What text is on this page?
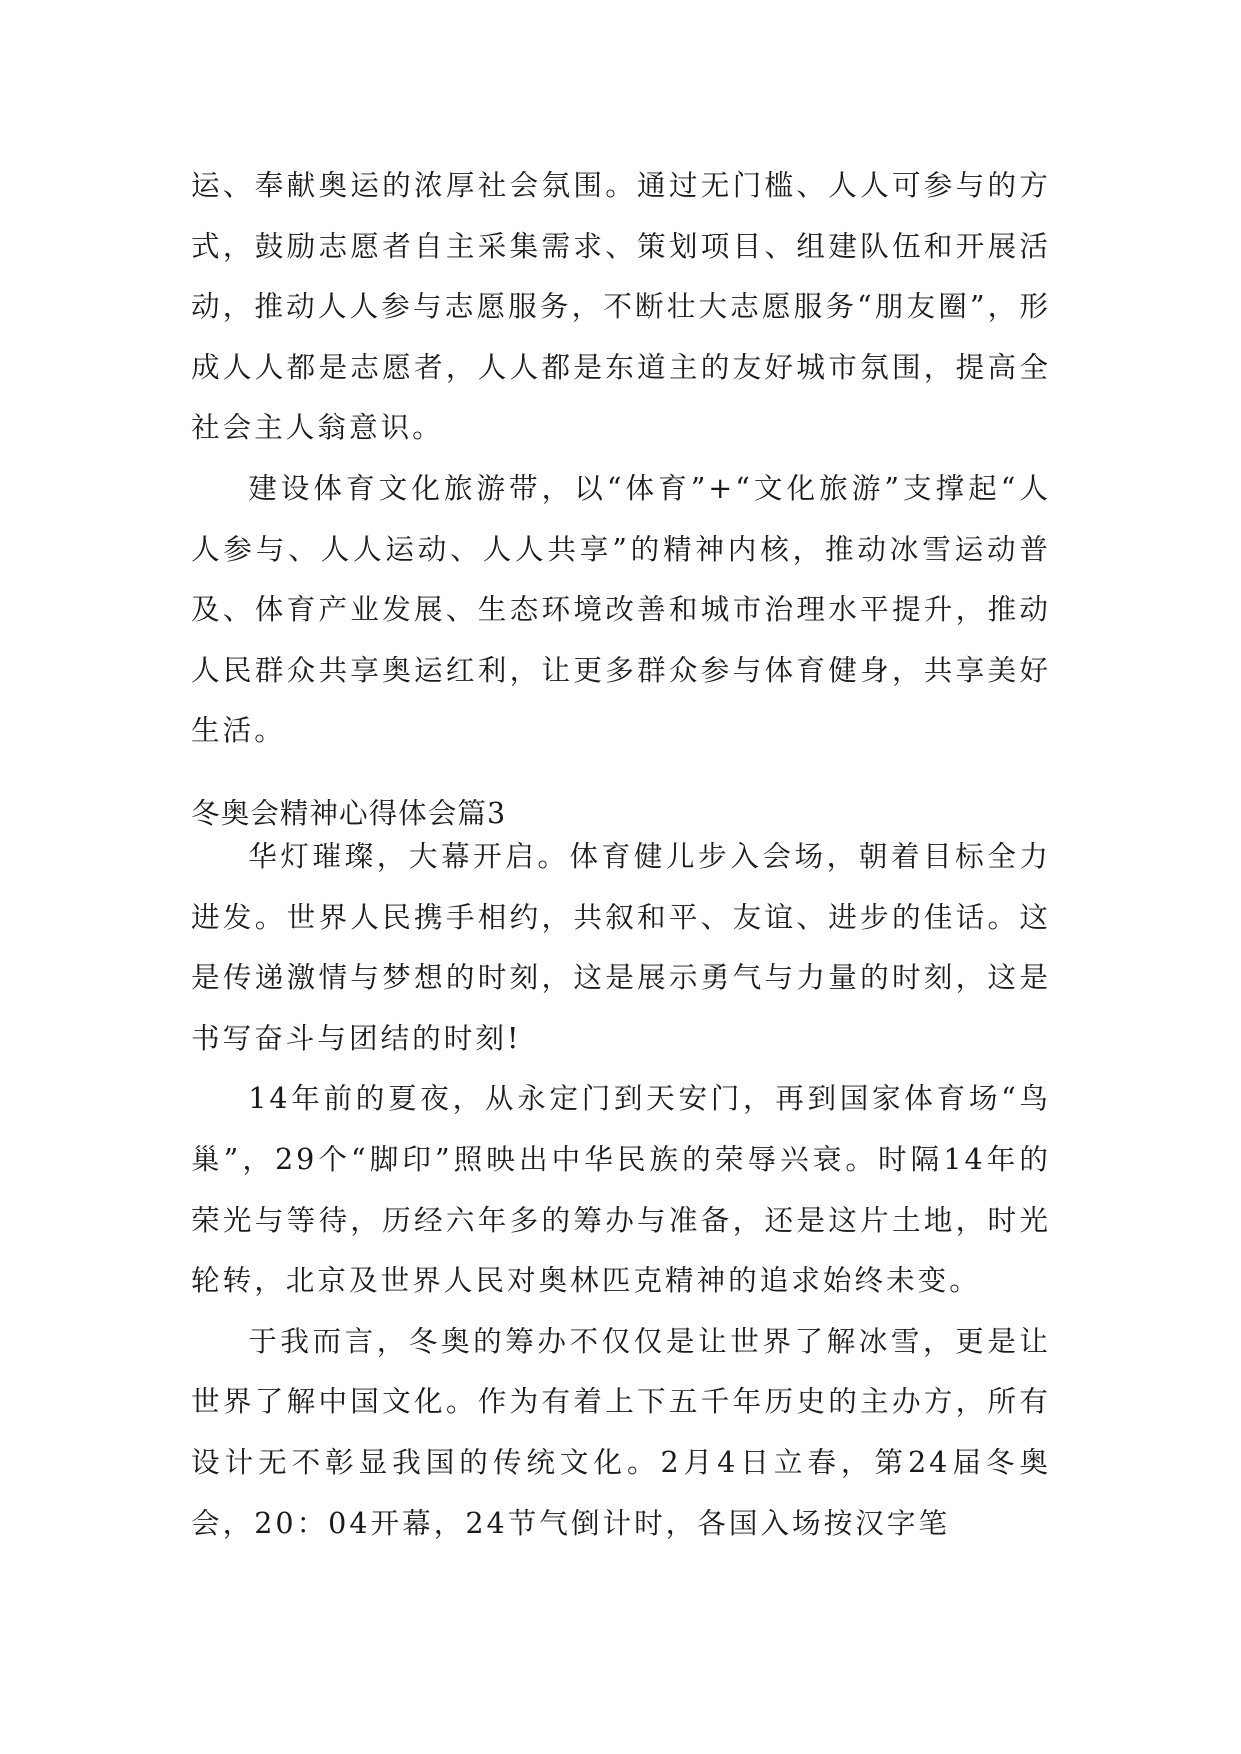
运、奉献奥运的浓厚社会氛围。通过无门槛、人人可参与的方式，鼓励志愿者自主采集需求、策划项目、组建队伍和开展活动，推动人人参与志愿服务，不断壮大志愿服务“朋友圈”，形成人人都是志愿者，人人都是东道主的友好城市氛围，提高全社会主人翁意识。

建设体育文化旅游带，以“体育”+“文化旅游”支撑起“人人参与、人人运动、人人共享”的精神内核，推动冰雪运动普及、体育产业发展、生态环境改善和城市治理水平提升，推动人民群众共享奥运红利，让更多群众参与体育健身，共享美好生活。

冬奥会精神心得体会篇3

华灯璀璨，大幕开启。体育健儿步入会场，朝着目标全力进发。世界人民携手相约，共叙和平、友谊、进步的佳话。这是传递激情与梦想的时刻，这是展示勇气与力量的时刻，这是书写奋斗与团结的时刻!

14年前的夏夜，从永定门到天安门，再到国家体育场“鸟巢”，29个“脚印”照映出中华民族的荣辱兴衰。时隔14年的荣光与等待，历经六年多的筹办与准备，还是这片土地，时光轮转，北京及世界人民对奥林匹克精神的追求始终未变。

于我而言，冬奥的筹办不仅仅是让世界了解冰雪，更是让世界了解中国文化。作为有着上下五千年历史的主办方，所有设计无不彰显我国的传统文化。2月4日立春，第24届冬奥会，20：04开幕，24节气倒计时，各国入场按汉字笔
